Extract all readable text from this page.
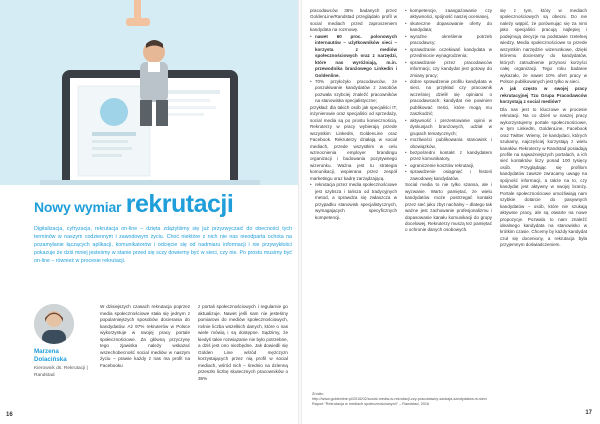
Nowy wymiar rekrutacji

Digitalizacja, cyfryzacja, rekrutacja on-line – dzięta zdążyliśmy się już przyzwyczaić do obecności tych terminów w naszym codziennym i zawodowym życiu. Choć niektóre z nich nie nas nieodparta ochota na pozamyłanie łączących aplikacji, komunikatorów i odcięcie się od nadmiaru informacji i nie przywykłości pokazuje że dziś mniej jesteśmy w stanie przed się sczy dowiemy być w sieci, czy nie. Po prostu musimy być on-line – również w procesie rekrutacji.

Marzena Dolacińska
Kierownik ds. Rekrutacji | Randstad

W dzisiejszych czasach rekrutacja poprzez media społecznościowe stała się jednym z popularniejszych sposobów docierania do kandydatów. Aż 97% rekruterów w Polsce wykorzystuje w swojej pracy portale społecznościowe. Za główną przyczynę tego zjawiska należy wskazać wszechobecność social mediów w naszym życiu – prawie każdy z nas ma profil na Facebooku

z portali społecznościowych i regularnie go aktualizuje. Nawet jeśli sam nie jesteśmy pomiarowi do mediów społecznościowych, rośnie liczba wszelkich danych, które o nas wiele mówią i są dostępne. Sądzimy, że kiedyś takie rozwiązanie nie było potrzebne, a dziś jest ono niezbędne. Jak dowiedli się Golden Line wśród mężczyzn korzystających przez nią profil w social mediach, wśród nich – średnio na dzienną przeszło liczbę skutecznych pracowników o 36%

16

pracodawców 36% badanych przez GoldenLine/Randstad przeglądało profil w social mediach przed zaproszeniem kandydata na rozmowę.

• nawet 60 proc. polonowych internautów – użytkowników sieci – korzysta z mediów społecznościowych oraz z narzędzi, które nas wyróżniają, m.in. przewodnika branżowego Linkedin i Goldenline.
• 70% przyłożyło pracodawców, że poszukiwanie kandydatów z zasobów pozwala szybciej znaleźć pracowników na stanowiska specjalistyczne;

przykład: dla takich osób jak specjaliści IT, inżynierowie oraz specjaliści od sprzedaży, social media są po prostu koniecznością. Rekruterzy w pracy wybierają przede wszystkim LinkedIn, GoldenLine oraz Facebook. Rekruterzy działają w social mediach, przede wszystkim w celu wzmocnienia employer brandingu organizacji i budowania pozytywnego wizerunku. Ważna jest tu strategia komunikacji, wspierana przez zespół marketingu oraz kadrę zarządzającą.

• rekrutacja przez media społecznościowe jest szybsza i tańsza od tradycyjnych metod, a sprawdza się zwłaszcza w przypadku stanowisk specjalistycznych, wymagających specyficznych kompetencji.
• kompetencje, zaangażowanie czy aktywności, spójność naszej ocenianej,
• skuteczne dopasowanie oferty do kandydata;
• wyraźne określenie potrzeb pracodawcy;
• sprawdzanie oczekiwań kandydata w przedmiocie wynagrodzenia;
• sprawdzanie przez pracodawców informacji, czy kandydat jest gotowy do zmiany pracy;
• dobre sprawdzenie profilu kandydata w sieci, na przykład czy pracownik wcześniej dzielił się opiniami o pracodawcach; kandydat nie powinien publikować treści, które mogą mu zaszkodzić;
• aktywność i prezentowanie opinii w dyskusjach branżowych, udział w grupach tematycznych;
• możliwości publikowania stanowisk i obowiązków,
• bezpośredni kontakt z kandydatem przez komunikatory,
• ograniczenie kosztów rekrutacji,
• sprawdzenie osiągnięć i historii zawodowej kandydatów.

Social media to nie tylko szansa, ale i wyzwanie. Warto pamiętać, że wielu kandydatów może postrzegać kontakt przez sieć jako zbyt nachalny – dlatego tak ważne jest zachowanie profesjonalizmu i dopasowanie kanału komunikacji do grupy docelowej. Rekruterzy muszą też pamiętać o ochronie danych osobowych.

się z tym, który w mediach społecznościowych są obecni. Do nie należy wątpić, że porównując się za nimi jako specjaliści pracują najlepiej i podejmują decyzje na podstawie rzetelnej wiedzy. Media społecznościowe to przede wszystkim narzędzie wizerunkowe, dzięki któremu docieramy do kandydatów, których zatrudnienie przynosi korzyści całej organizacji. Tego roku badanie wykazało, że nawet 10% ofert pracy w Polsce publikowanych jest tylko w sieci.

A jak często w swojej pracy rekrutacyjnej Tzu Grupa Pracodawców korzystają z social mediów?

Dla nas jest to kluczowe w procesie rekrutacji. Na co dzień w naszej pracy wykorzystujemy portale społecznościowe, w tym LinkedIn, GoldenLine, Facebook oraz Twitter. Wiemy, że kandydaci, których szukamy, najczęściej korzystają z wielu kanałów. Rekruterzy w Randstad posiadają profile na najważniejszych portalach, a ich sieć kontaktów liczy ponad 100 tysięcy osób. Przyglądając się profilom kandydatów zawsze zwracamy uwagę na spójność informacji, a także na to, czy kandydat jest aktywny w swojej branży. Portale społecznościowe umożliwiają nam szybkie dotarcie do pasywnych kandydatów – osób, które nie szukają aktywnie pracy, ale są otwarte na nowe propozycje. Pozwala to nam znaleźć idealnego kandydata na stanowisko w krótkim czasie. Chcemy by każdy kandydat czuł się doceniony, a rekrutacja była przyjemnym doświadczeniem.

Źródło:
http://www.goldenline.pl/2016/02/social-media-w-rekrutacji-czy-pracodawcy-szukaja-kandydatow-w-sieci
Raport "Rekrutacja w mediach społecznościowych" – Randstad, 2016
17
